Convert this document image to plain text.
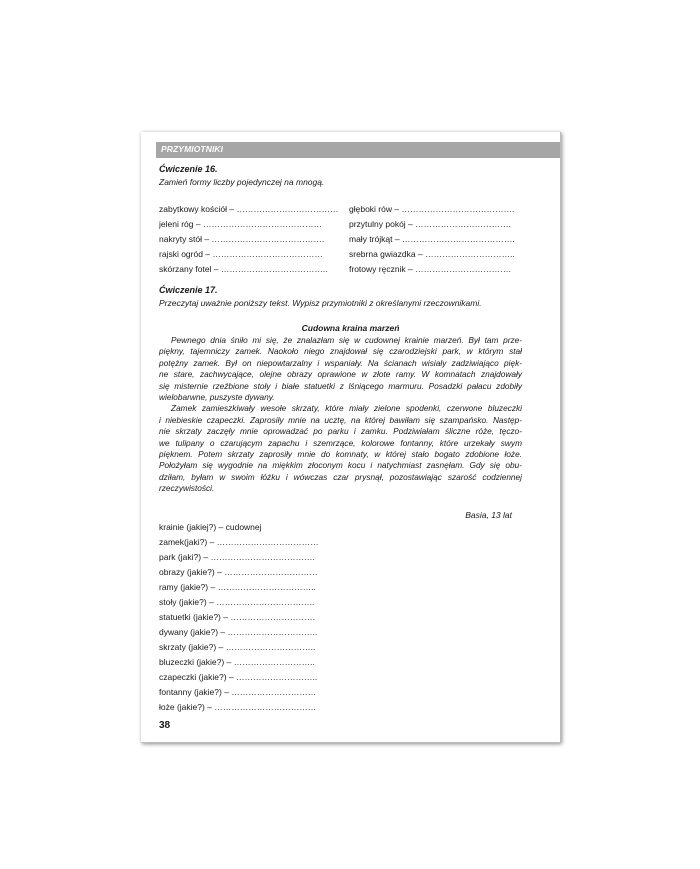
PRZYMIOTNIKI
Ćwiczenie 16.
Zamień formy liczby pojedynczej na mnogą.
zabytkowy kościół – ………………………………
jeleni róg – ……………………………………
nakryty stół – ………………………………….
rajski ogród – …………………………………
skórzany fotel – ………………………………..
głęboki rów – ………………………………….
przytulny pokój – …………………………….
mały trójkąt – ………………………………….
srebrna gwiazdka – …………………………..
frotowy ręcznik – …………………………….
Ćwiczenie 17.
Przeczytaj uważnie poniższy tekst. Wypisz przymiotniki z określanymi rzeczownikami.
Cudowna kraina marzeń
Pewnego dnia śniło mi się, że znalazłam się w cudownej krainie marzeń. Był tam prze-
piękny, tajemniczy zamek. Naokoło niego znajdował się czarodziejski park, w którym stał
potężny zamek. Był on niepowtarzalny i wspaniały. Na ścianach wisiały zadziwiająco pięk-
ne stare, zachwycające, olejne obrazy oprawione w złote ramy. W komnatach znajdowały
się misternie rzeźbione stoły i białe statuetki z lśniącego marmuru. Posadzki pałacu zdobiły
wielobarwne, puszyste dywany.
Zamek zamieszkiwały wesołe skrzaty, które miały zielone spodenki, czerwone bluzeczki
i niebieskie czapeczki. Zaprosiły mnie na ucztę, na której bawiłam się szampańsko. Następ-
nie skrzaty zaczęły mnie oprowadzać po parku i zamku. Podziwiałam śliczne róże, tęczo-
we tulipany o czarującym zapachu i szemrzące, kolorowe fontanny, które urzekały swym
pięknem. Potem skrzaty zaprosiły mnie do komnaty, w której stało bogato zdobione łoże.
Położyłam się wygodnie na miękkim złoconym kocu i natychmiast zasnęłam. Gdy się obu-
dziłam, byłam w swoim łóżku i wówczas czar prysnął, pozostawiając szarość codziennej
rzeczywistości.
Basia, 13 lat
krainie (jakiej?) – cudownej
zamek(jaki?) – ………………………………
park (jaki?) – ……………………………….
obrazy (jakie?) – ……………………………
ramy (jakie?) – ……………………………..
stoły (jakie?) – ……………………………..
statuetki (jakie?) – …………………………
dywany (jakie?) – …………………………..
skrzaty (jakie?) – …………………………..
bluzeczki (jakie?) – ………………………..
czapeczki (jakie?) – ………………………..
fontanny (jakie?) – …………………………
łoże (jakie?) – ………………………………
38
